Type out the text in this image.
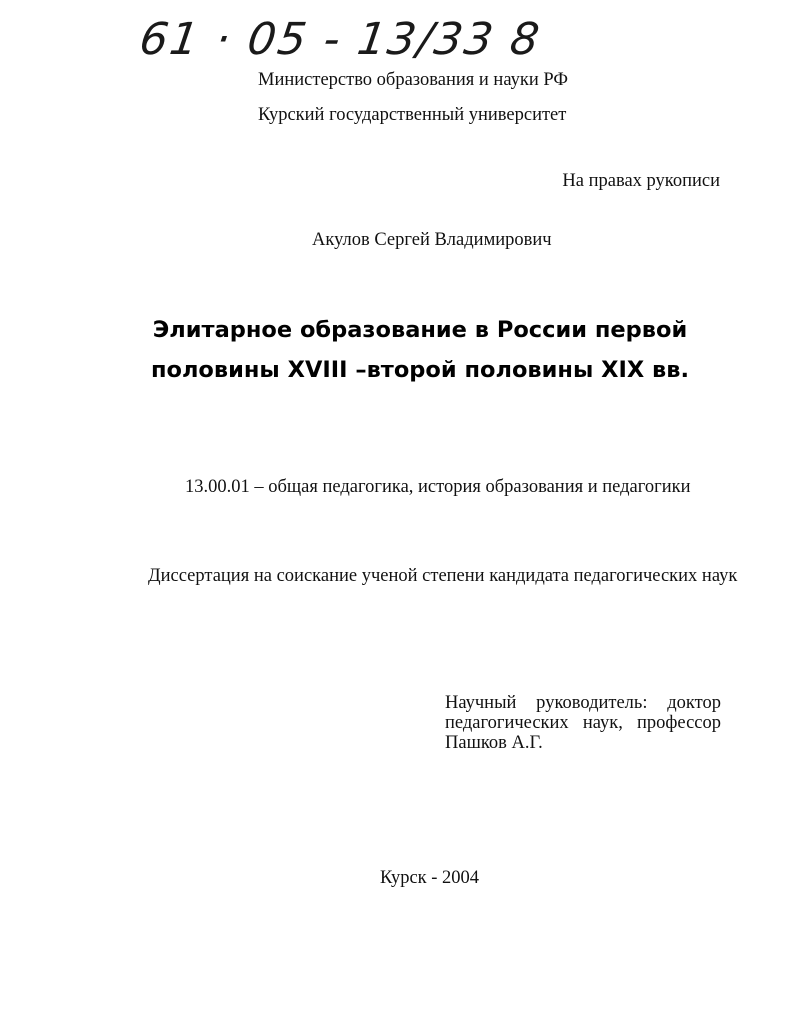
61 · 05 - 13/33 8
Министерство образования и науки РФ
Курский государственный университет
На правах рукописи
Акулов Сергей Владимирович
Элитарное образование в России первой
половины XVIII –второй половины XIX вв.
13.00.01 – общая педагогика, история образования и педагогики
Диссертация на соискание ученой степени кандидата педагогических наук
Научный руководитель: доктор
педагогических наук, профессор
Пашков А.Г.
Курск - 2004
